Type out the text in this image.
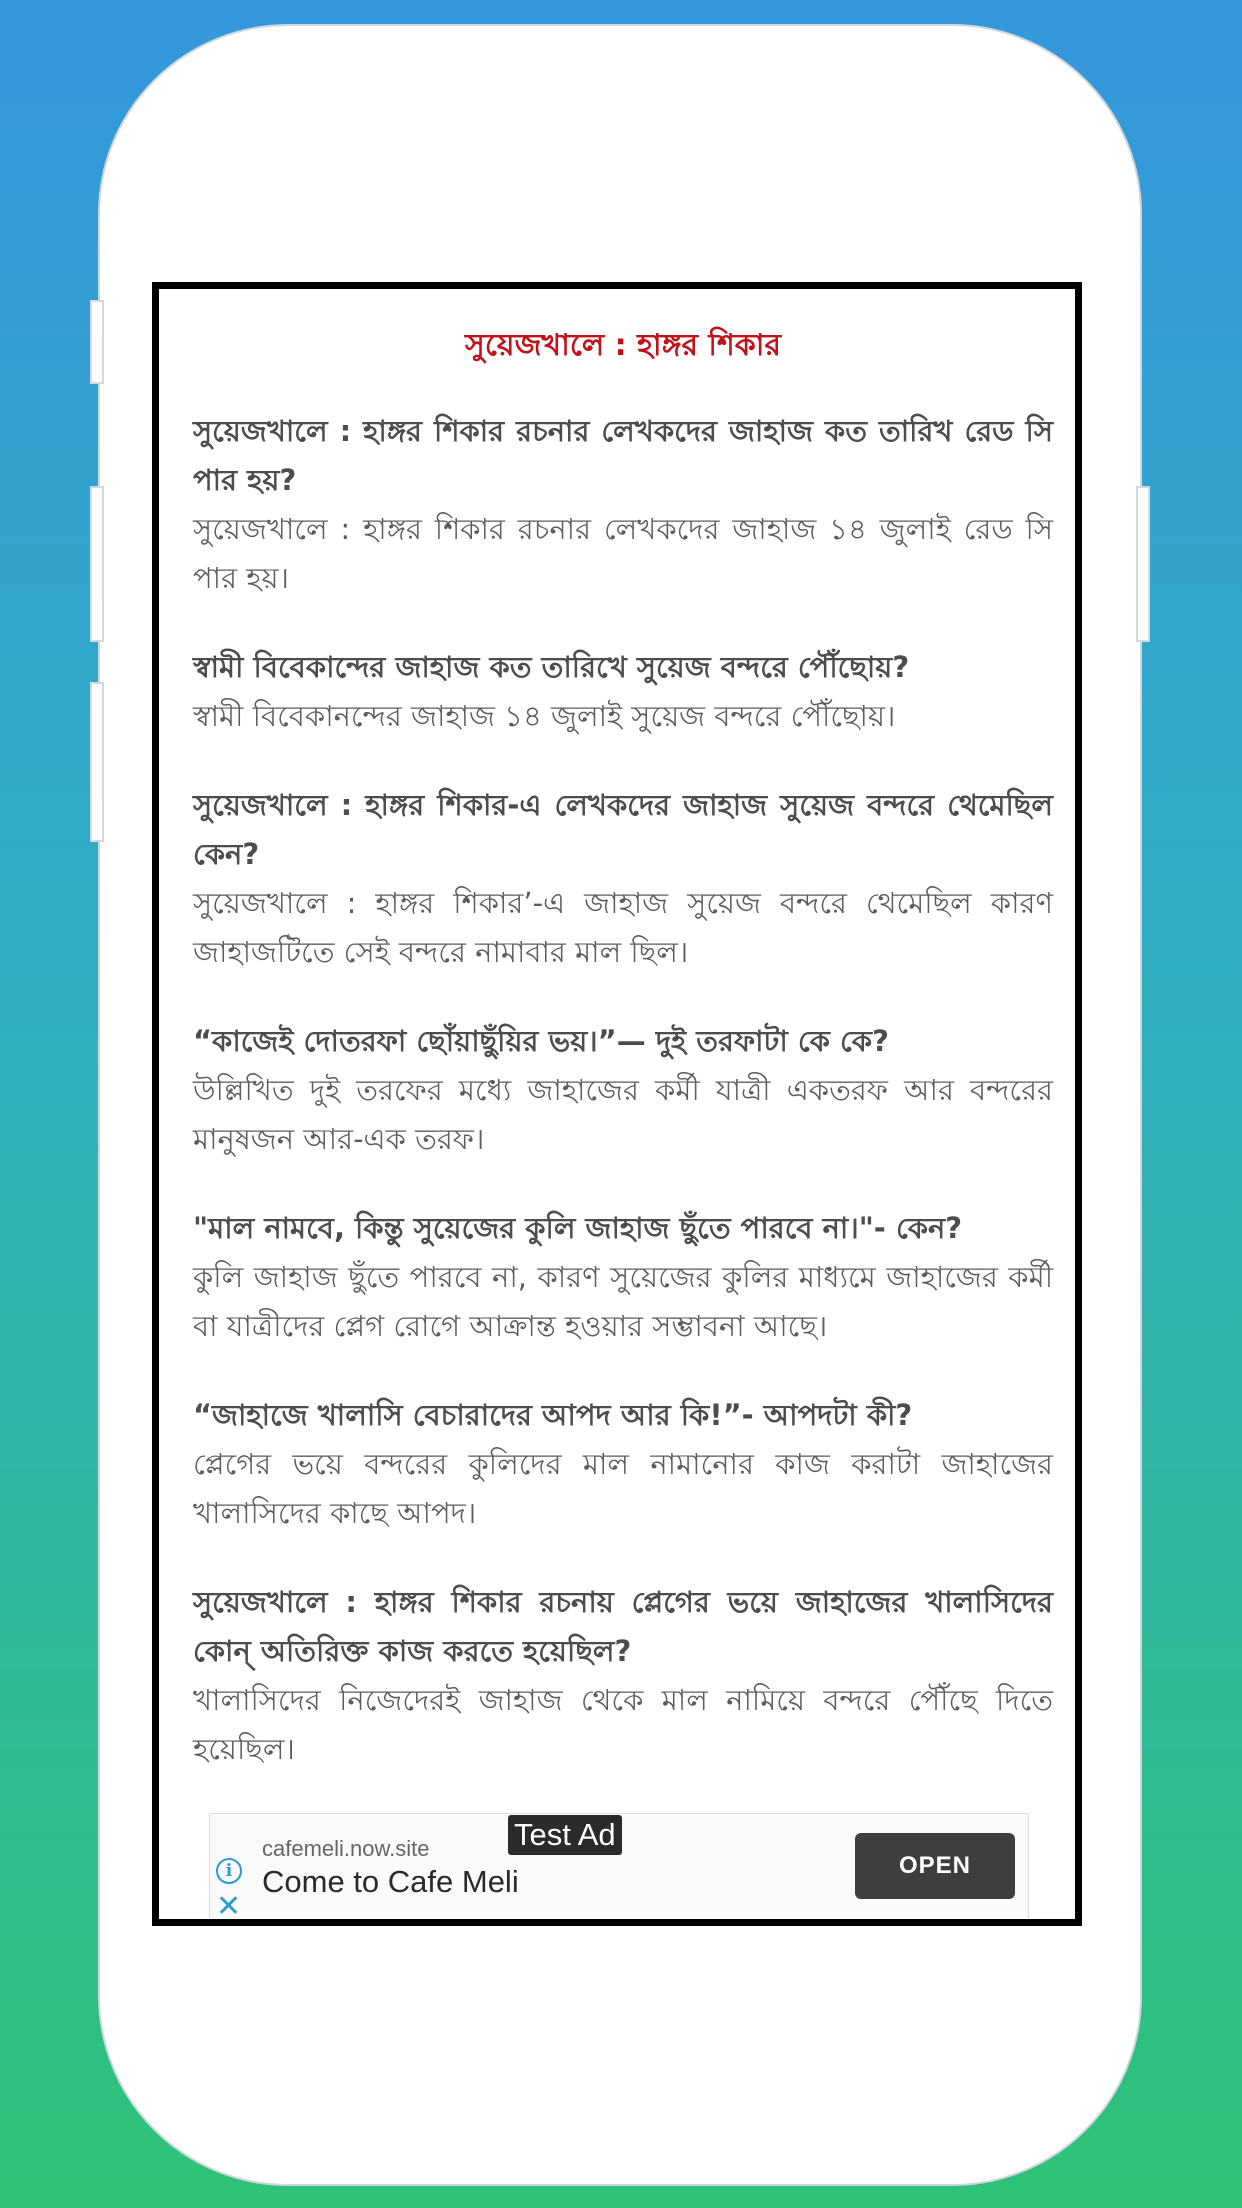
সুয়েজখালে : হাঙ্গর শিকার

সুয়েজখালে : হাঙ্গর শিকার রচনার লেখকদের জাহাজ কত তারিখ রেড সি পার হয়?

সুয়েজখালে : হাঙ্গর শিকার রচনার লেখকদের জাহাজ ১৪ জুলাই রেড সি পার হয়।

স্বামী বিবেকান্দের জাহাজ কত তারিখে সুয়েজ বন্দরে পৌঁছোয়?

স্বামী বিবেকানন্দের জাহাজ ১৪ জুলাই সুয়েজ বন্দরে পৌঁছোয়।

সুয়েজখালে : হাঙ্গর শিকার-এ লেখকদের জাহাজ সুয়েজ বন্দরে থেমেছিল কেন?

সুয়েজখালে : হাঙ্গর শিকার’-এ জাহাজ সুয়েজ বন্দরে থেমেছিল কারণ জাহাজটিতে সেই বন্দরে নামাবার মাল ছিল।

“কাজেই দোতরফা ছোঁয়াছুঁয়ির ভয়।”— দুই তরফাটা কে কে?

উল্লিখিত দুই তরফের মধ্যে জাহাজের কর্মী যাত্রী একতরফ আর বন্দরের মানুষজন আর-এক তরফ।

"মাল নামবে, কিন্তু সুয়েজের কুলি জাহাজ ছুঁতে পারবে না।"- কেন?

কুলি জাহাজ ছুঁতে পারবে না, কারণ সুয়েজের কুলির মাধ্যমে জাহাজের কর্মী বা যাত্রীদের প্লেগ রোগে আক্রান্ত হওয়ার সম্ভাবনা আছে।

“জাহাজে খালাসি বেচারাদের আপদ আর কি!”- আপদটা কী?

প্লেগের ভয়ে বন্দরের কুলিদের মাল নামানোর কাজ করাটা জাহাজের খালাসিদের কাছে আপদ।

সুয়েজখালে : হাঙ্গর শিকার রচনায় প্লেগের ভয়ে জাহাজের খালাসিদের কোন্ অতিরিক্ত কাজ করতে হয়েছিল?

খালাসিদের নিজেদেরই জাহাজ থেকে মাল নামিয়ে বন্দরে পৌঁছে দিতে হয়েছিল।

cafemeli.now.site
Come to Cafe Meli
i
✕
OPEN
Test Ad
